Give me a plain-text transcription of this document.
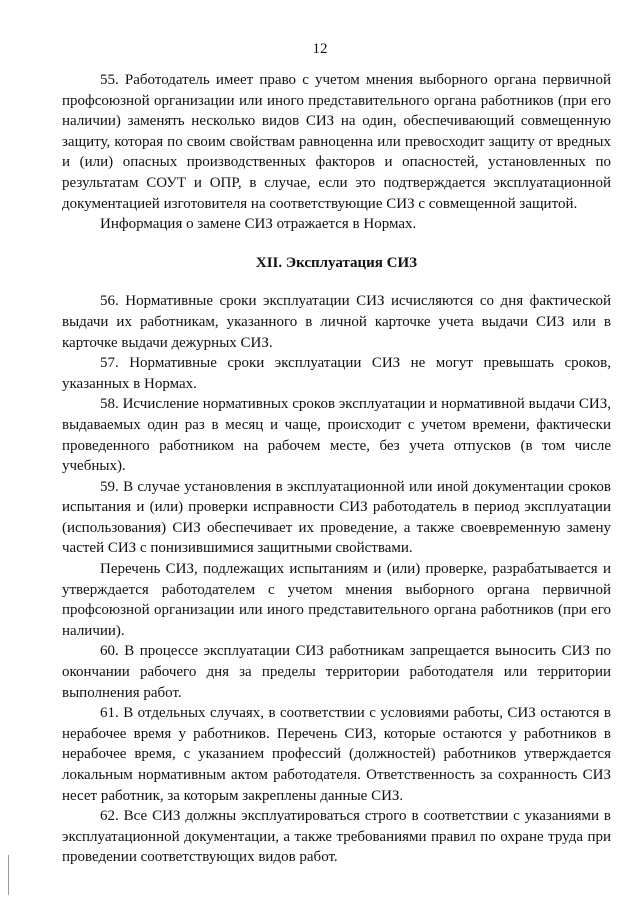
12

55. Работодатель имеет право с учетом мнения выборного органа первичной профсоюзной организации или иного представительного органа работников (при его наличии) заменять несколько видов СИЗ на один, обеспечивающий совмещенную защиту, которая по своим свойствам равноценна или превосходит защиту от вредных и (или) опасных производственных факторов и опасностей, установленных по результатам СОУТ и ОПР, в случае, если это подтверждается эксплуатационной документацией изготовителя на соответствующие СИЗ с совмещенной защитой.

Информация о замене СИЗ отражается в Нормах.

XII. Эксплуатация СИЗ

56. Нормативные сроки эксплуатации СИЗ исчисляются со дня фактической выдачи их работникам, указанного в личной карточке учета выдачи СИЗ или в карточке выдачи дежурных СИЗ.

57. Нормативные сроки эксплуатации СИЗ не могут превышать сроков, указанных в Нормах.

58. Исчисление нормативных сроков эксплуатации и нормативной выдачи СИЗ, выдаваемых один раз в месяц и чаще, происходит с учетом времени, фактически проведенного работником на рабочем месте, без учета отпусков (в том числе учебных).

59. В случае установления в эксплуатационной или иной документации сроков испытания и (или) проверки исправности СИЗ работодатель в период эксплуатации (использования) СИЗ обеспечивает их проведение, а также своевременную замену частей СИЗ с понизившимися защитными свойствами.

Перечень СИЗ, подлежащих испытаниям и (или) проверке, разрабатывается и утверждается работодателем с учетом мнения выборного органа первичной профсоюзной организации или иного представительного органа работников (при его наличии).

60. В процессе эксплуатации СИЗ работникам запрещается выносить СИЗ по окончании рабочего дня за пределы территории работодателя или территории выполнения работ.

61. В отдельных случаях, в соответствии с условиями работы, СИЗ остаются в нерабочее время у работников. Перечень СИЗ, которые остаются у работников в нерабочее время, с указанием профессий (должностей) работников утверждается локальным нормативным актом работодателя. Ответственность за сохранность СИЗ несет работник, за которым закреплены данные СИЗ.

62. Все СИЗ должны эксплуатироваться строго в соответствии с указаниями в эксплуатационной документации, а также требованиями правил по охране труда при проведении соответствующих видов работ.
